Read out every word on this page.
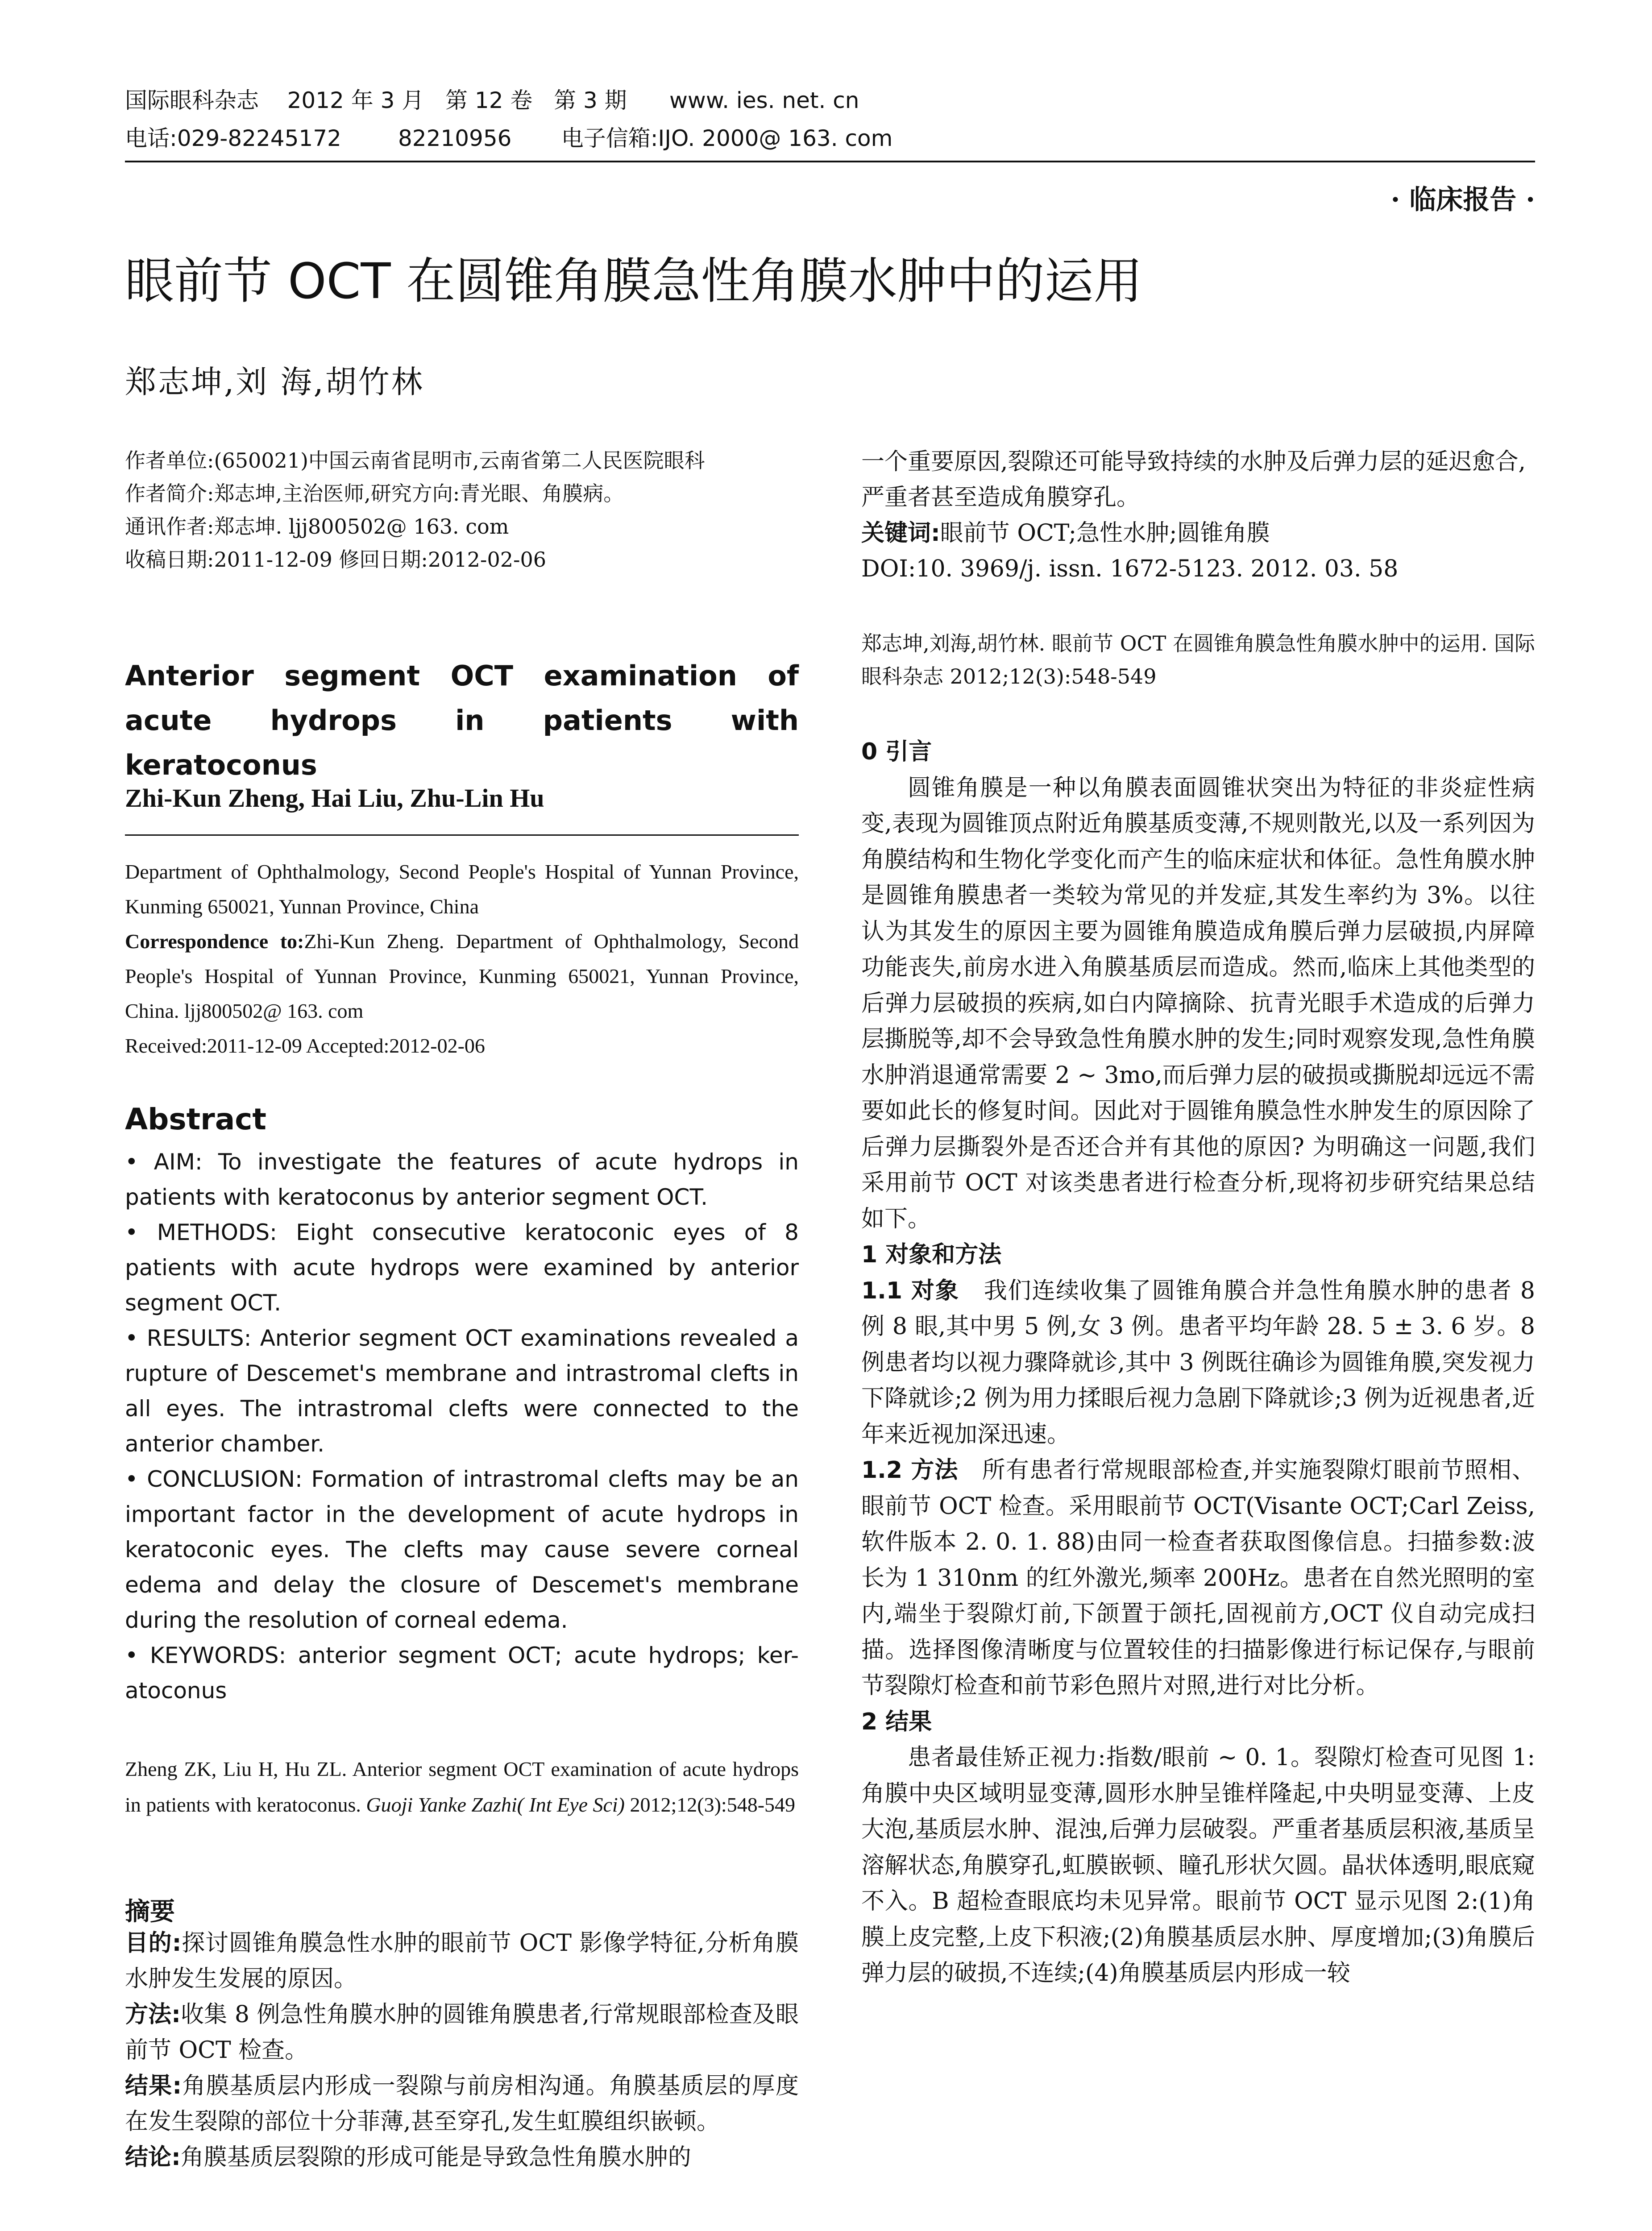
国际眼科杂志    2012 年 3 月   第 12 卷   第 3 期      www. ies. net. cn
电话:029-82245172        82210956       电子信箱:IJO. 2000@ 163. com
· 临床报告 ·
眼前节 OCT 在圆锥角膜急性角膜水肿中的运用
郑志坤,刘 海,胡竹林

作者单位:(650021)中国云南省昆明市,云南省第二人民医院眼科

作者简介:郑志坤,主治医师,研究方向:青光眼、角膜病。

通讯作者:郑志坤. ljj800502@ 163. com

收稿日期:2011-12-09 修回日期:2012-02-06

Anterior segment OCT examination of
acute hydrops in patients with keratoconus
Zhi-Kun Zheng, Hai Liu, Zhu-Lin Hu
Department of Ophthalmology, Second People's Hospital of Yunnan Province, Kunming 650021, Yunnan Province, China
Correspondence to:Zhi-Kun Zheng. Department of Ophthalmology, Second People's Hospital of Yunnan Province, Kunming 650021, Yunnan Province, China. ljj800502@ 163. com
Received:2011-12-09 Accepted:2012-02-06
Abstract

• AIM: To investigate the features of acute hydrops in patients with keratoconus by anterior segment OCT.

• METHODS: Eight consecutive keratoconic eyes of 8 patients with acute hydrops were examined by anterior segment OCT.

• RESULTS: Anterior segment OCT examinations revealed a rupture of Descemet's membrane and intrastromal clefts in all eyes. The intrastromal clefts were connected to the anterior chamber.

• CONCLUSION: Formation of intrastromal clefts may be an important factor in the development of acute hydrops in keratoconic eyes. The clefts may cause severe corneal edema and delay the closure of Descemet's membrane during the resolution of corneal edema.

• KEYWORDS: anterior segment OCT; acute hydrops; ker-atoconus

Zheng ZK, Liu H, Hu ZL. Anterior segment OCT examination of acute hydrops in patients with keratoconus. Guoji Yanke Zazhi( Int Eye Sci) 2012;12(3):548-549
摘要

目的:探讨圆锥角膜急性水肿的眼前节 OCT 影像学特征,分析角膜水肿发生发展的原因。

方法:收集 8 例急性角膜水肿的圆锥角膜患者,行常规眼部检查及眼前节 OCT 检查。

结果:角膜基质层内形成一裂隙与前房相沟通。角膜基质层的厚度在发生裂隙的部位十分菲薄,甚至穿孔,发生虹膜组织嵌顿。

结论:角膜基质层裂隙的形成可能是导致急性角膜水肿的

一个重要原因,裂隙还可能导致持续的水肿及后弹力层的延迟愈合,严重者甚至造成角膜穿孔。

关键词:眼前节 OCT;急性水肿;圆锥角膜

DOI:10. 3969/j. issn. 1672-5123. 2012. 03. 58

郑志坤,刘海,胡竹林. 眼前节 OCT 在圆锥角膜急性角膜水肿中的运用. 国际眼科杂志 2012;12(3):548-549

0 引言

圆锥角膜是一种以角膜表面圆锥状突出为特征的非炎症性病变,表现为圆锥顶点附近角膜基质变薄,不规则散光,以及一系列因为角膜结构和生物化学变化而产生的临床症状和体征。急性角膜水肿是圆锥角膜患者一类较为常见的并发症,其发生率约为 3%。以往认为其发生的原因主要为圆锥角膜造成角膜后弹力层破损,内屏障功能丧失,前房水进入角膜基质层而造成。然而,临床上其他类型的后弹力层破损的疾病,如白内障摘除、抗青光眼手术造成的后弹力层撕脱等,却不会导致急性角膜水肿的发生;同时观察发现,急性角膜水肿消退通常需要 2 ~ 3mo,而后弹力层的破损或撕脱却远远不需要如此长的修复时间。因此对于圆锥角膜急性水肿发生的原因除了后弹力层撕裂外是否还合并有其他的原因? 为明确这一问题,我们采用前节 OCT 对该类患者进行检查分析,现将初步研究结果总结如下。

1 对象和方法

1.1 对象 我们连续收集了圆锥角膜合并急性角膜水肿的患者 8 例 8 眼,其中男 5 例,女 3 例。患者平均年龄 28. 5 ± 3. 6 岁。8 例患者均以视力骤降就诊,其中 3 例既往确诊为圆锥角膜,突发视力下降就诊;2 例为用力揉眼后视力急剧下降就诊;3 例为近视患者,近年来近视加深迅速。

1.2 方法 所有患者行常规眼部检查,并实施裂隙灯眼前节照相、眼前节 OCT 检查。采用眼前节 OCT(Visante OCT;Carl Zeiss,软件版本 2. 0. 1. 88)由同一检查者获取图像信息。扫描参数:波长为 1 310nm 的红外激光,频率 200Hz。患者在自然光照明的室内,端坐于裂隙灯前,下颌置于颌托,固视前方,OCT 仪自动完成扫描。选择图像清晰度与位置较佳的扫描影像进行标记保存,与眼前节裂隙灯检查和前节彩色照片对照,进行对比分析。

2 结果

患者最佳矫正视力:指数/眼前 ~ 0. 1。裂隙灯检查可见图 1:角膜中央区域明显变薄,圆形水肿呈锥样隆起,中央明显变薄、上皮大泡,基质层水肿、混浊,后弹力层破裂。严重者基质层积液,基质呈溶解状态,角膜穿孔,虹膜嵌顿、瞳孔形状欠圆。晶状体透明,眼底窥不入。B 超检查眼底均未见异常。眼前节 OCT 显示见图 2:(1)角膜上皮完整,上皮下积液;(2)角膜基质层水肿、厚度增加;(3)角膜后弹力层的破损,不连续;(4)角膜基质层内形成一较
